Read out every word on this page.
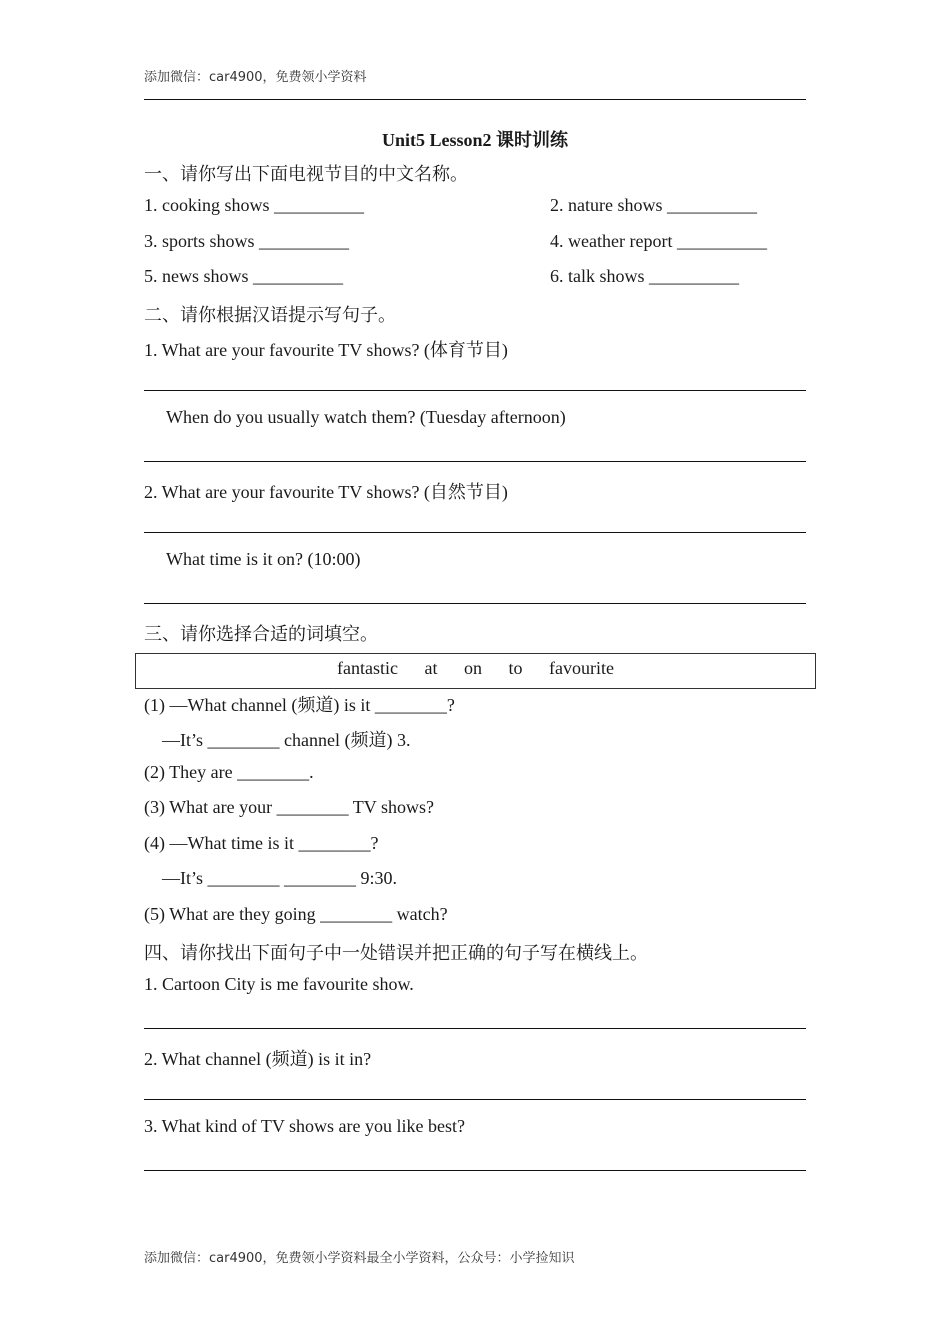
添加微信：car4900，免费领小学资料
Unit5 Lesson2 课时训练
一、请你写出下面电视节目的中文名称。
1. cooking shows __________	2. nature shows __________
3. sports shows __________	4. weather report __________
5. news shows __________	6. talk shows __________
二、请你根据汉语提示写句子。
1. What are your favourite TV shows? (体育节目)
When do you usually watch them? (Tuesday afternoon)
2. What are your favourite TV shows? (自然节目)
What time is it on? (10:00)
三、请你选择合适的词填空。
fantastic at on to favourite
(1) —What channel (频道) is it ________?
—It’s ________ channel (频道) 3.
(2) They are ________.
(3) What are your ________ TV shows?
(4) —What time is it ________?
—It’s ________ ________ 9:30.
(5) What are they going ________ watch?
四、请你找出下面句子中一处错误并把正确的句子写在横线上。
1. Cartoon City is me favourite show.
2. What channel (频道) is it in?
3. What kind of TV shows are you like best?
添加微信：car4900，免费领小学资料最全小学资料，公众号：小学捡知识
